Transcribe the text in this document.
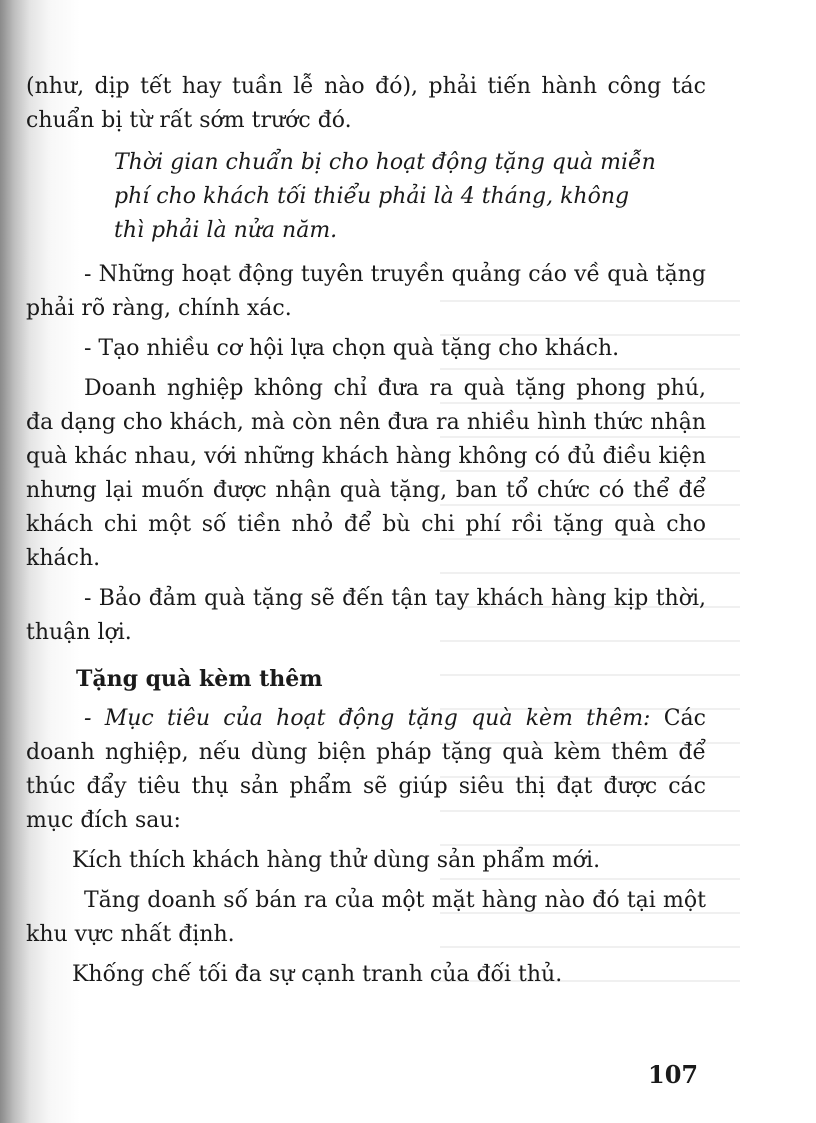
(như, dịp tết hay tuần lễ nào đó), phải tiến hành công tác chuẩn bị từ rất sớm trước đó.

Thời gian chuẩn bị cho hoạt động tặng quà miễn phí cho khách tối thiểu phải là 4 tháng, không thì phải là nửa năm.

- Những hoạt động tuyên truyền quảng cáo về quà tặng phải rõ ràng, chính xác.

- Tạo nhiều cơ hội lựa chọn quà tặng cho khách.

Doanh nghiệp không chỉ đưa ra quà tặng phong phú, đa dạng cho khách, mà còn nên đưa ra nhiều hình thức nhận quà khác nhau, với những khách hàng không có đủ điều kiện nhưng lại muốn được nhận quà tặng, ban tổ chức có thể để khách chi một số tiền nhỏ để bù chi phí rồi tặng quà cho khách.

- Bảo đảm quà tặng sẽ đến tận tay khách hàng kịp thời, thuận lợi.

Tặng quà kèm thêm

- Mục tiêu của hoạt động tặng quà kèm thêm: Các doanh nghiệp, nếu dùng biện pháp tặng quà kèm thêm để thúc đẩy tiêu thụ sản phẩm sẽ giúp siêu thị đạt được các mục đích sau:

Kích thích khách hàng thử dùng sản phẩm mới.

Tăng doanh số bán ra của một mặt hàng nào đó tại một khu vực nhất định.

Khống chế tối đa sự cạnh tranh của đối thủ.

107
